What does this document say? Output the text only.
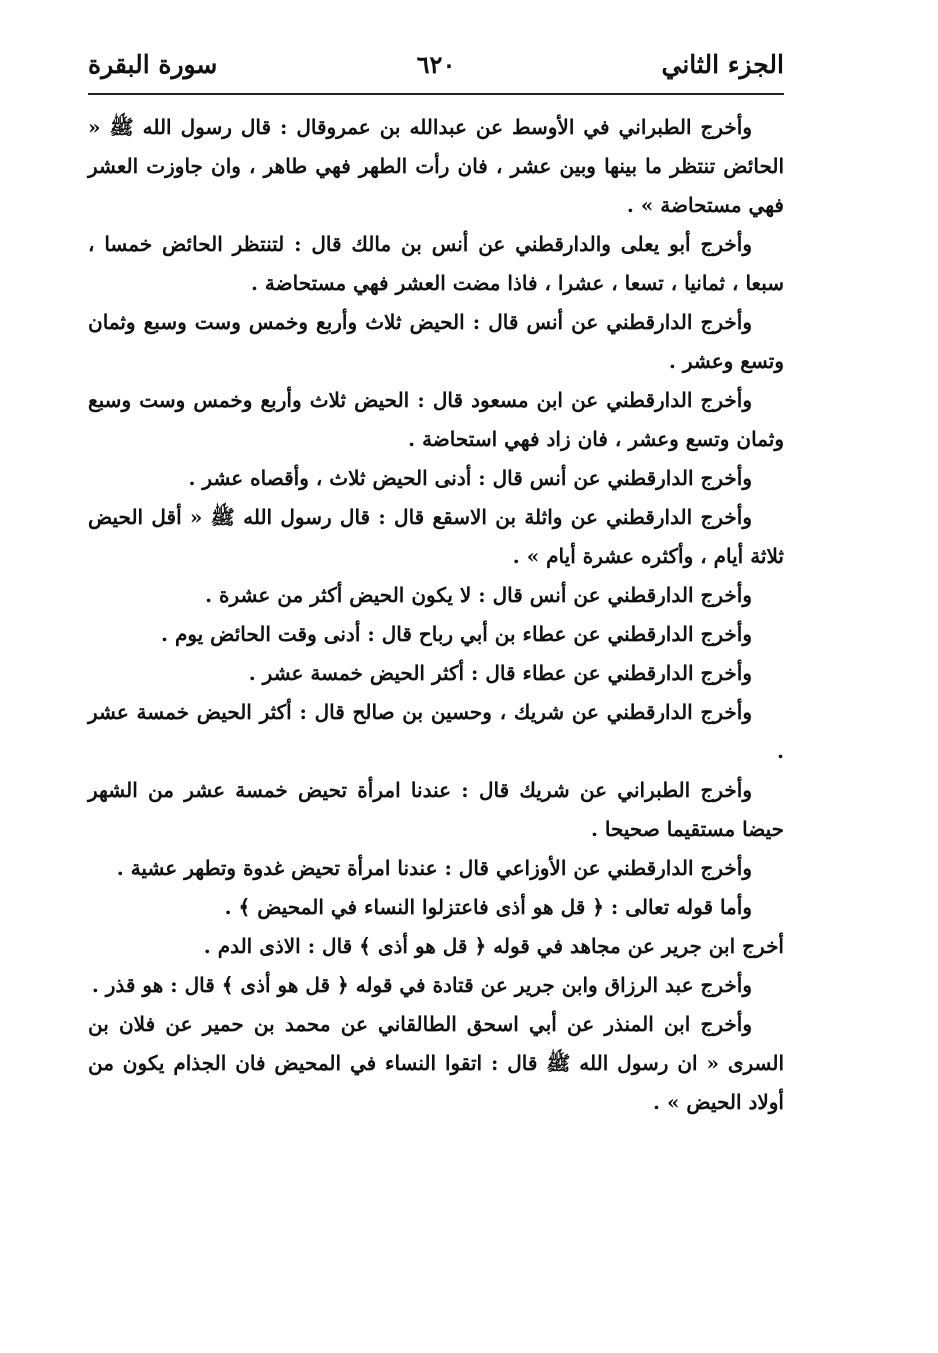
الجزء الثاني
٦٢٠
سورة البقرة

وأخرج الطبراني في الأوسط عن عبدالله بن عمروقال : قال رسول الله ﷺ « الحائض تنتظر ما بينها وبين عشر ، فان رأت الطهر فهي طاهر ، وان جاوزت العشر فهي مستحاضة » .

وأخرج أبو يعلى والدارقطني عن أنس بن مالك قال : لتنتظر الحائض خمسا ، سبعا ، ثمانيا ، تسعا ، عشرا ، فاذا مضت العشر فهي مستحاضة .

وأخرج الدارقطني عن أنس قال : الحيض ثلاث وأربع وخمس وست وسبع وثمان وتسع وعشر .

وأخرج الدارقطني عن ابن مسعود قال : الحيض ثلاث وأربع وخمس وست وسبع وثمان وتسع وعشر ، فان زاد فهي استحاضة .

وأخرج الدارقطني عن أنس قال : أدنى الحيض ثلاث ، وأقصاه عشر .

وأخرج الدارقطني عن واثلة بن الاسقع قال : قال رسول الله ﷺ « أقل الحيض ثلاثة أيام ، وأكثره عشرة أيام » .

وأخرج الدارقطني عن أنس قال : لا يكون الحيض أكثر من عشرة .

وأخرج الدارقطني عن عطاء بن أبي رباح قال : أدنى وقت الحائض يوم .

وأخرج الدارقطني عن عطاء قال : أكثر الحيض خمسة عشر .

وأخرج الدارقطني عن شريك ، وحسين بن صالح قال : أكثر الحيض خمسة عشر .

وأخرج الطبراني عن شريك قال : عندنا امرأة تحيض خمسة عشر من الشهر حيضا مستقيما صحيحا .

وأخرج الدارقطني عن الأوزاعي قال : عندنا امرأة تحيض غدوة وتطهر عشية .

وأما قوله تعالى : ﴿ قل هو أذى فاعتزلوا النساء في المحيض ﴾ .

أخرج ابن جرير عن مجاهد في قوله ﴿ قل هو أذى ﴾ قال : الاذى الدم .

وأخرج عبد الرزاق وابن جرير عن قتادة في قوله ﴿ قل هو أذى ﴾ قال : هو قذر .

وأخرج ابن المنذر عن أبي اسحق الطالقاني عن محمد بن حمير عن فلان بن السرى « ان رسول الله ﷺ قال : اتقوا النساء في المحيض فان الجذام يكون من أولاد الحيض » .
